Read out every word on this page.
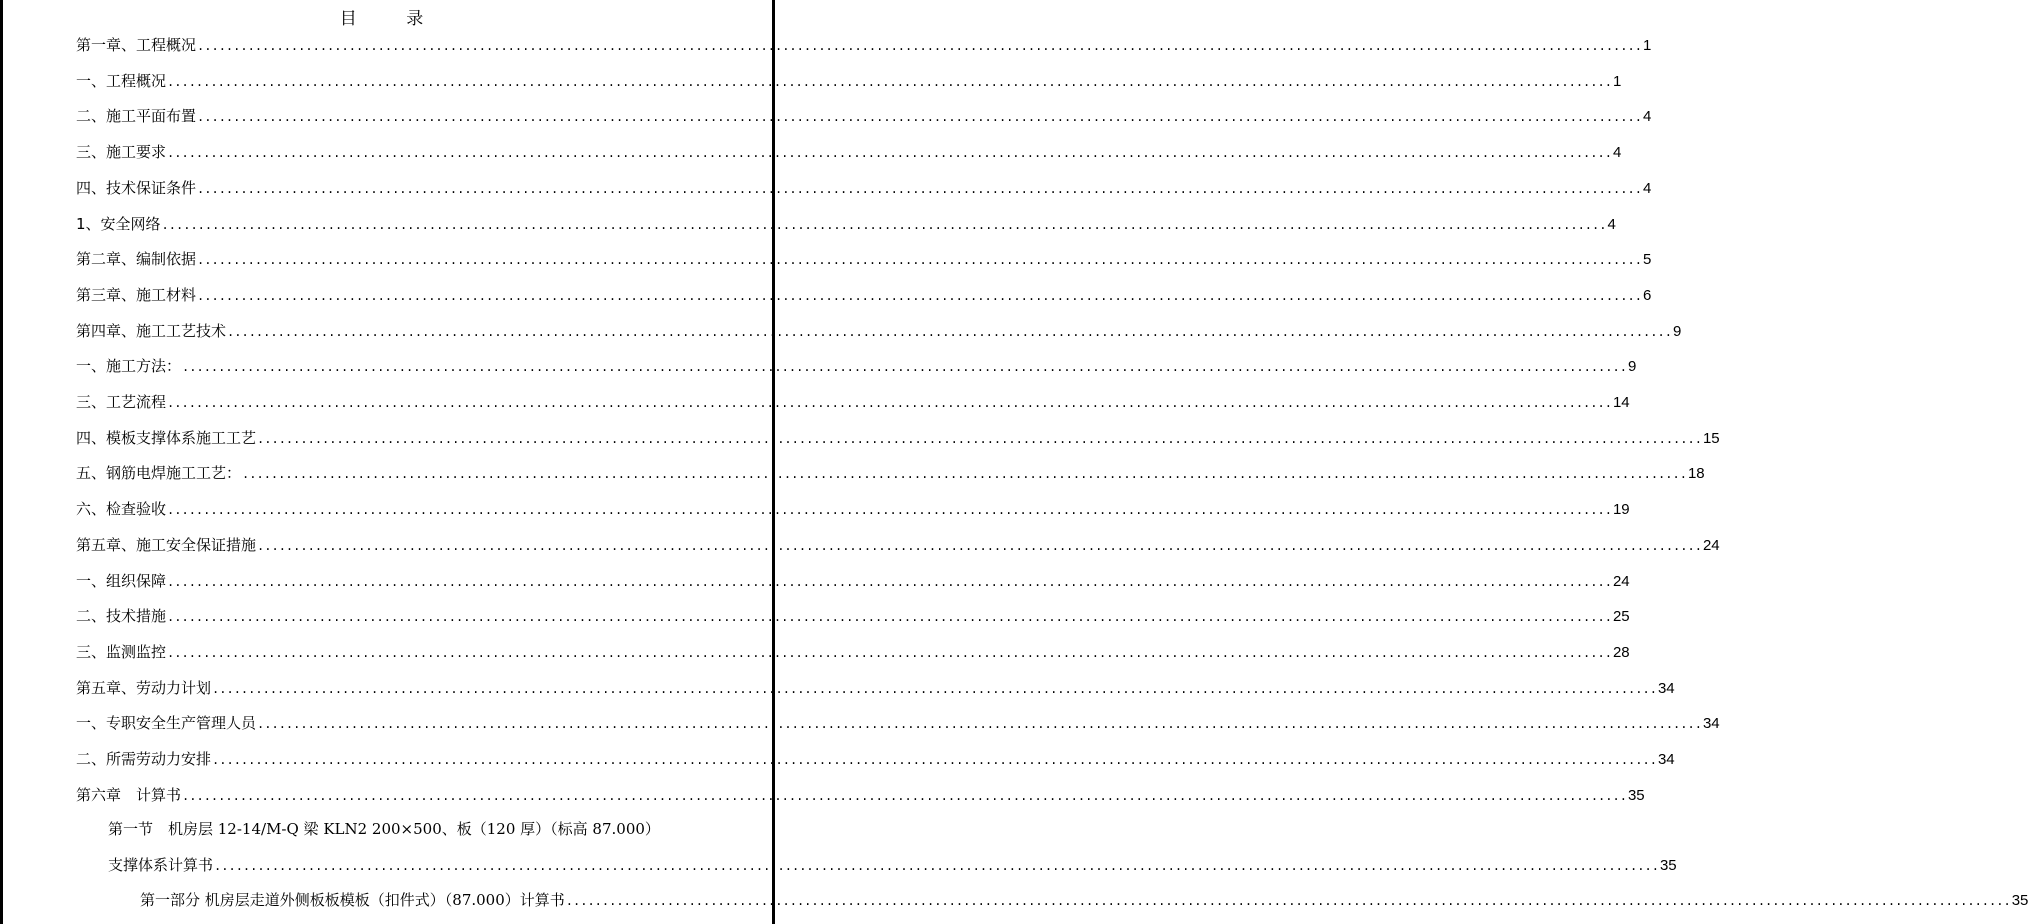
目 录
第一章、工程概况 ........................................................................................................................................................................................................ 1
一、工程概况 ........................................................................................................................................................................................................ 1
二、施工平面布置 ........................................................................................................................................................................................................ 4
三、施工要求 ........................................................................................................................................................................................................ 4
四、技术保证条件 ........................................................................................................................................................................................................ 4
1、安全网络 ........................................................................................................................................................................................................ 4
第二章、编制依据 ........................................................................................................................................................................................................ 5
第三章、施工材料 ........................................................................................................................................................................................................ 6
第四章、施工工艺技术 ........................................................................................................................................................................................................ 9
一、施工方法： ........................................................................................................................................................................................................ 9
三、工艺流程 ........................................................................................................................................................................................................ 14
四、模板支撑体系施工工艺 ........................................................................................................................................................................................................ 15
五、钢筋电焊施工工艺： ........................................................................................................................................................................................................ 18
六、检查验收 ........................................................................................................................................................................................................ 19
第五章、施工安全保证措施 ........................................................................................................................................................................................................ 24
一、组织保障 ........................................................................................................................................................................................................ 24
二、技术措施 ........................................................................................................................................................................................................ 25
三、监测监控 ........................................................................................................................................................................................................ 28
第五章、劳动力计划 ........................................................................................................................................................................................................ 34
一、专职安全生产管理人员 ........................................................................................................................................................................................................ 34
二、所需劳动力安排 ........................................................................................................................................................................................................ 34
第六章　计算书 ........................................................................................................................................................................................................ 35
第一节　机房层 12-14/M-Q 梁 KLN2 200×500、板（120 厚）（标高 87.000）
支撑体系计算书 ........................................................................................................................................................................................................ 35
第一部分 机房层走道外侧板板模板（扣件式）（87.000）计算书 ........................................................................................................................................................................................................ 35
